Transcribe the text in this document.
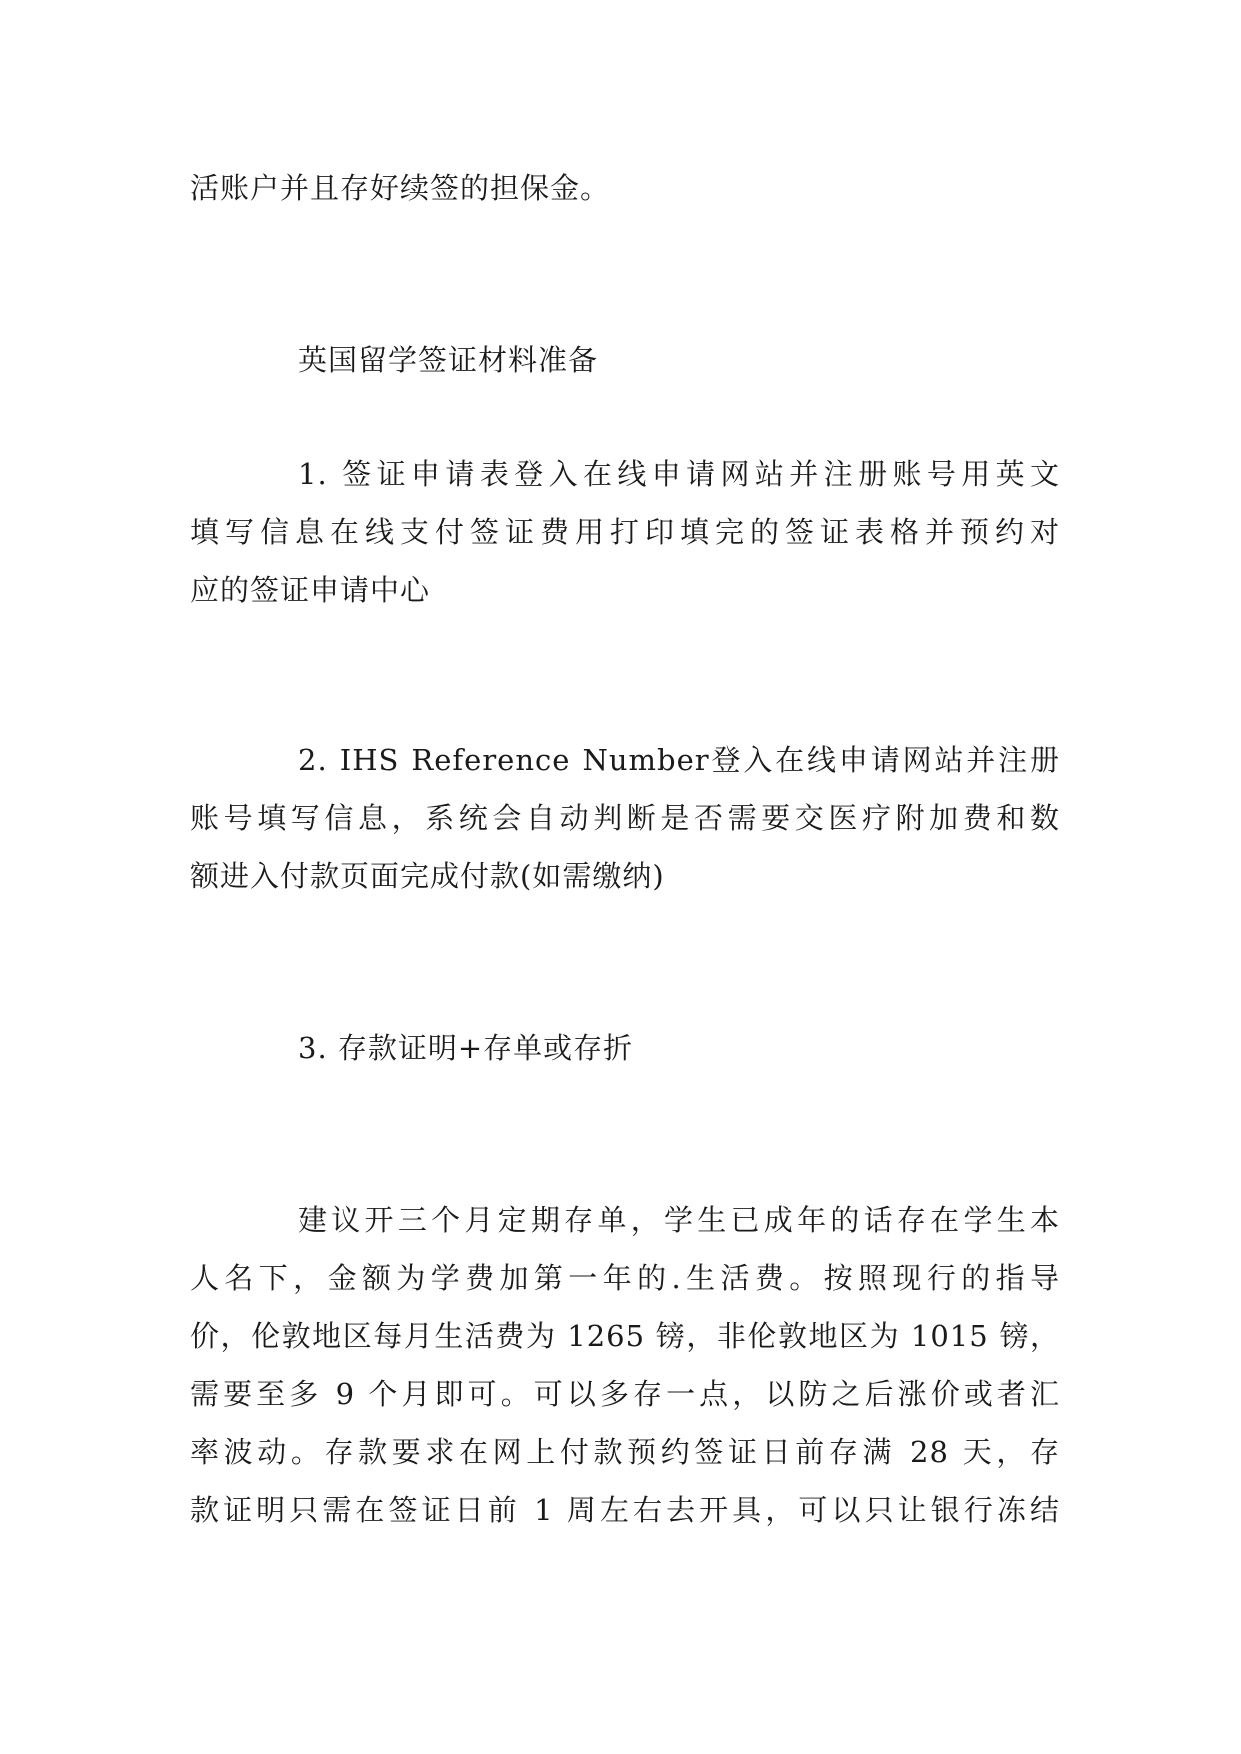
活账户并且存好续签的担保金。
英国留学签证材料准备
1. 签证申请表登入在线申请网站并注册账号用英文
填写信息在线支付签证费用打印填完的签证表格并预约对
应的签证申请中心
2. IHS Reference Number登入在线申请网站并注册
账号填写信息，系统会自动判断是否需要交医疗附加费和数
额进入付款页面完成付款(如需缴纳)
3. 存款证明+存单或存折
建议开三个月定期存单，学生已成年的话存在学生本
人名下，金额为学费加第一年的.生活费。按照现行的指导
价，伦敦地区每月生活费为 1265 镑，非伦敦地区为 1015 镑，
需要至多 9 个月即可。可以多存一点，以防之后涨价或者汇
率波动。存款要求在网上付款预约签证日前存满 28 天，存
款证明只需在签证日前 1 周左右去开具，可以只让银行冻结
